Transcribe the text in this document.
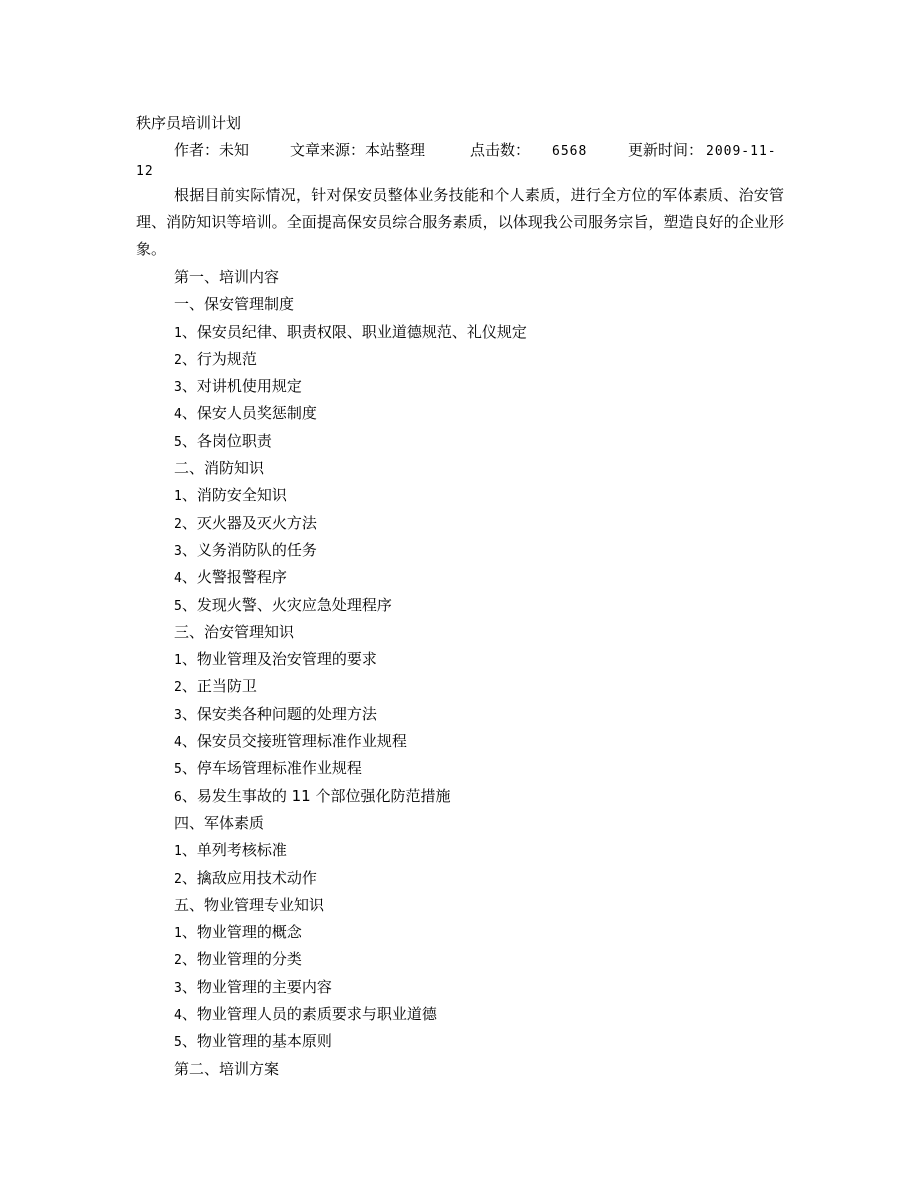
秩序员培训计划
作者：未知	文章来源：本站整理	点击数： 6568	更新时间： 2009-11-
12
根据目前实际情况，针对保安员整体业务技能和个人素质，进行全方位的军体素质、治安管理、消防知识等培训。全面提高保安员综合服务素质，以体现我公司服务宗旨，塑造良好的企业形象。
第一、培训内容
一、保安管理制度
1、保安员纪律、职责权限、职业道德规范、礼仪规定
2、行为规范
3、对讲机使用规定
4、保安人员奖惩制度
5、各岗位职责
二、消防知识
1、消防安全知识
2、灭火器及灭火方法
3、义务消防队的任务
4、火警报警程序
5、发现火警、火灾应急处理程序
三、治安管理知识
1、物业管理及治安管理的要求
2、正当防卫
3、保安类各种问题的处理方法
4、保安员交接班管理标准作业规程
5、停车场管理标准作业规程
6、易发生事故的 11 个部位强化防范措施
四、军体素质
1、单列考核标准
2、擒敌应用技术动作
五、物业管理专业知识
1、物业管理的概念
2、物业管理的分类
3、物业管理的主要内容
4、物业管理人员的素质要求与职业道德
5、物业管理的基本原则
第二、培训方案
